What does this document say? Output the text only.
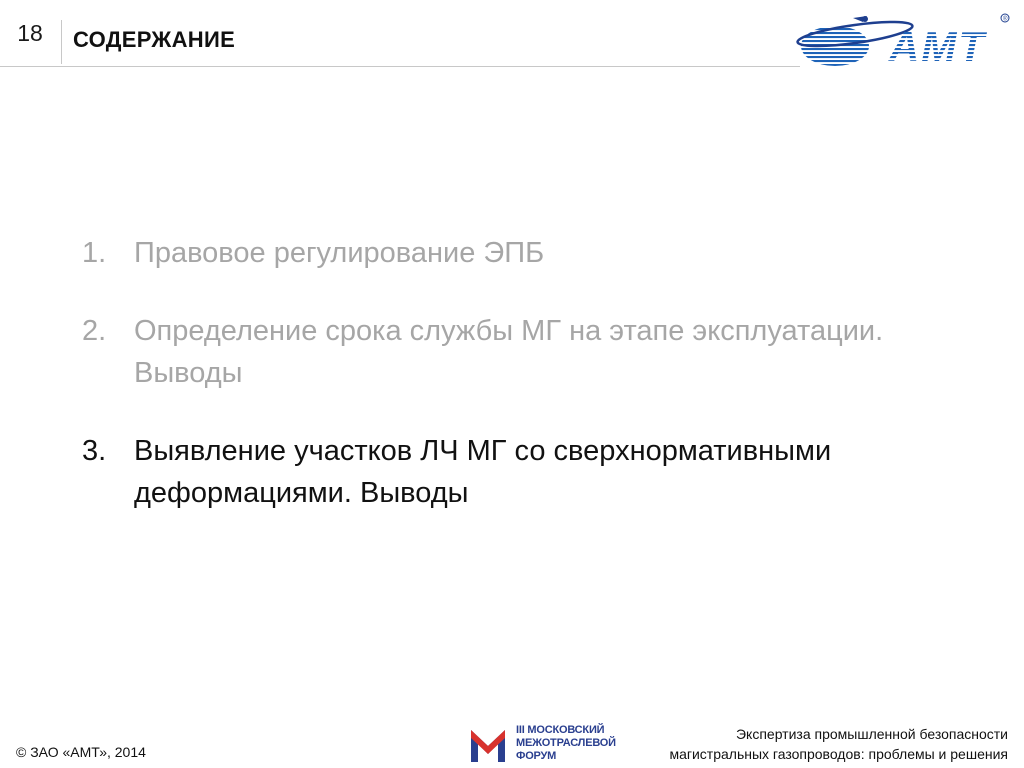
18	СОДЕРЖАНИЕ	АМТ
®
1. Правовое регулирование ЭПБ
2. Определение срока службы МГ на этапе эксплуатации. Выводы
3. Выявление участков ЛЧ МГ со сверхнормативными деформациями. Выводы
© ЗАО «АМТ», 2014
III МОСКОВСКИЙ
МЕЖОТРАСЛЕВОЙ
ФОРУМ
Экспертиза промышленной безопасности
магистральных газопроводов: проблемы и решения
